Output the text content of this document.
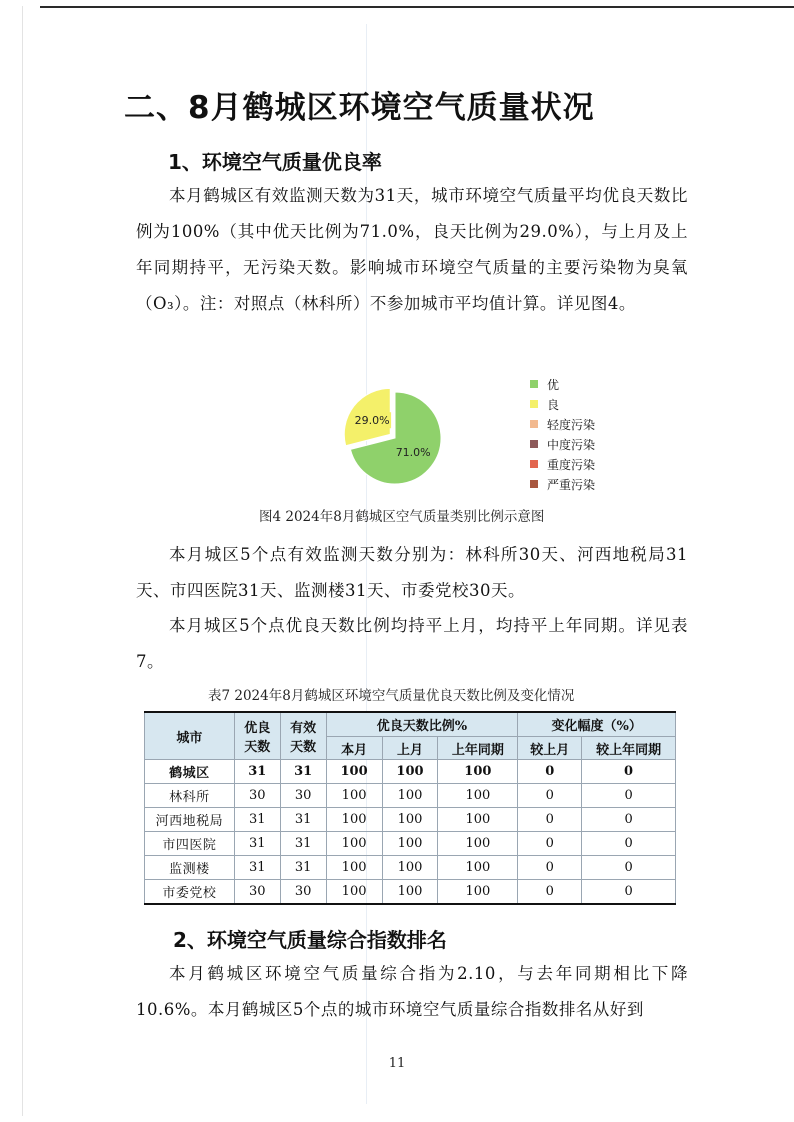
二、8月鹤城区环境空气质量状况
1、环境空气质量优良率
本月鹤城区有效监测天数为31天，城市环境空气质量平均优良天数比例为100%（其中优天比例为71.0%，良天比例为29.0%），与上月及上年同期持平，无污染天数。影响城市环境空气质量的主要污染物为臭氧（O₃）。注：对照点（林科所）不参加城市平均值计算。详见图4。
71.0%
29.0%
优
良
轻度污染
中度污染
重度污染
严重污染
图4 2024年8月鹤城区空气质量类别比例示意图
本月城区5个点有效监测天数分别为：林科所30天、河西地税局31天、市四医院31天、监测楼31天、市委党校30天。
本月城区5个点优良天数比例均持平上月，均持平上年同期。详见表7。
表7 2024年8月鹤城区环境空气质量优良天数比例及变化情况
城市	优良天数	有效天数	优良天数比例%			变化幅度（%）	
			本月	上月	上年同期	较上月	较上年同期
鹤城区	31	31	100	100	100	0	0
林科所	30	30	100	100	100	0	0
河西地税局	31	31	100	100	100	0	0
市四医院	31	31	100	100	100	0	0
监测楼	31	31	100	100	100	0	0
市委党校	30	30	100	100	100	0	0
2、环境空气质量综合指数排名
本月鹤城区环境空气质量综合指为2.10，与去年同期相比下降10.6%。本月鹤城区5个点的城市环境空气质量综合指数排名从好到
11
